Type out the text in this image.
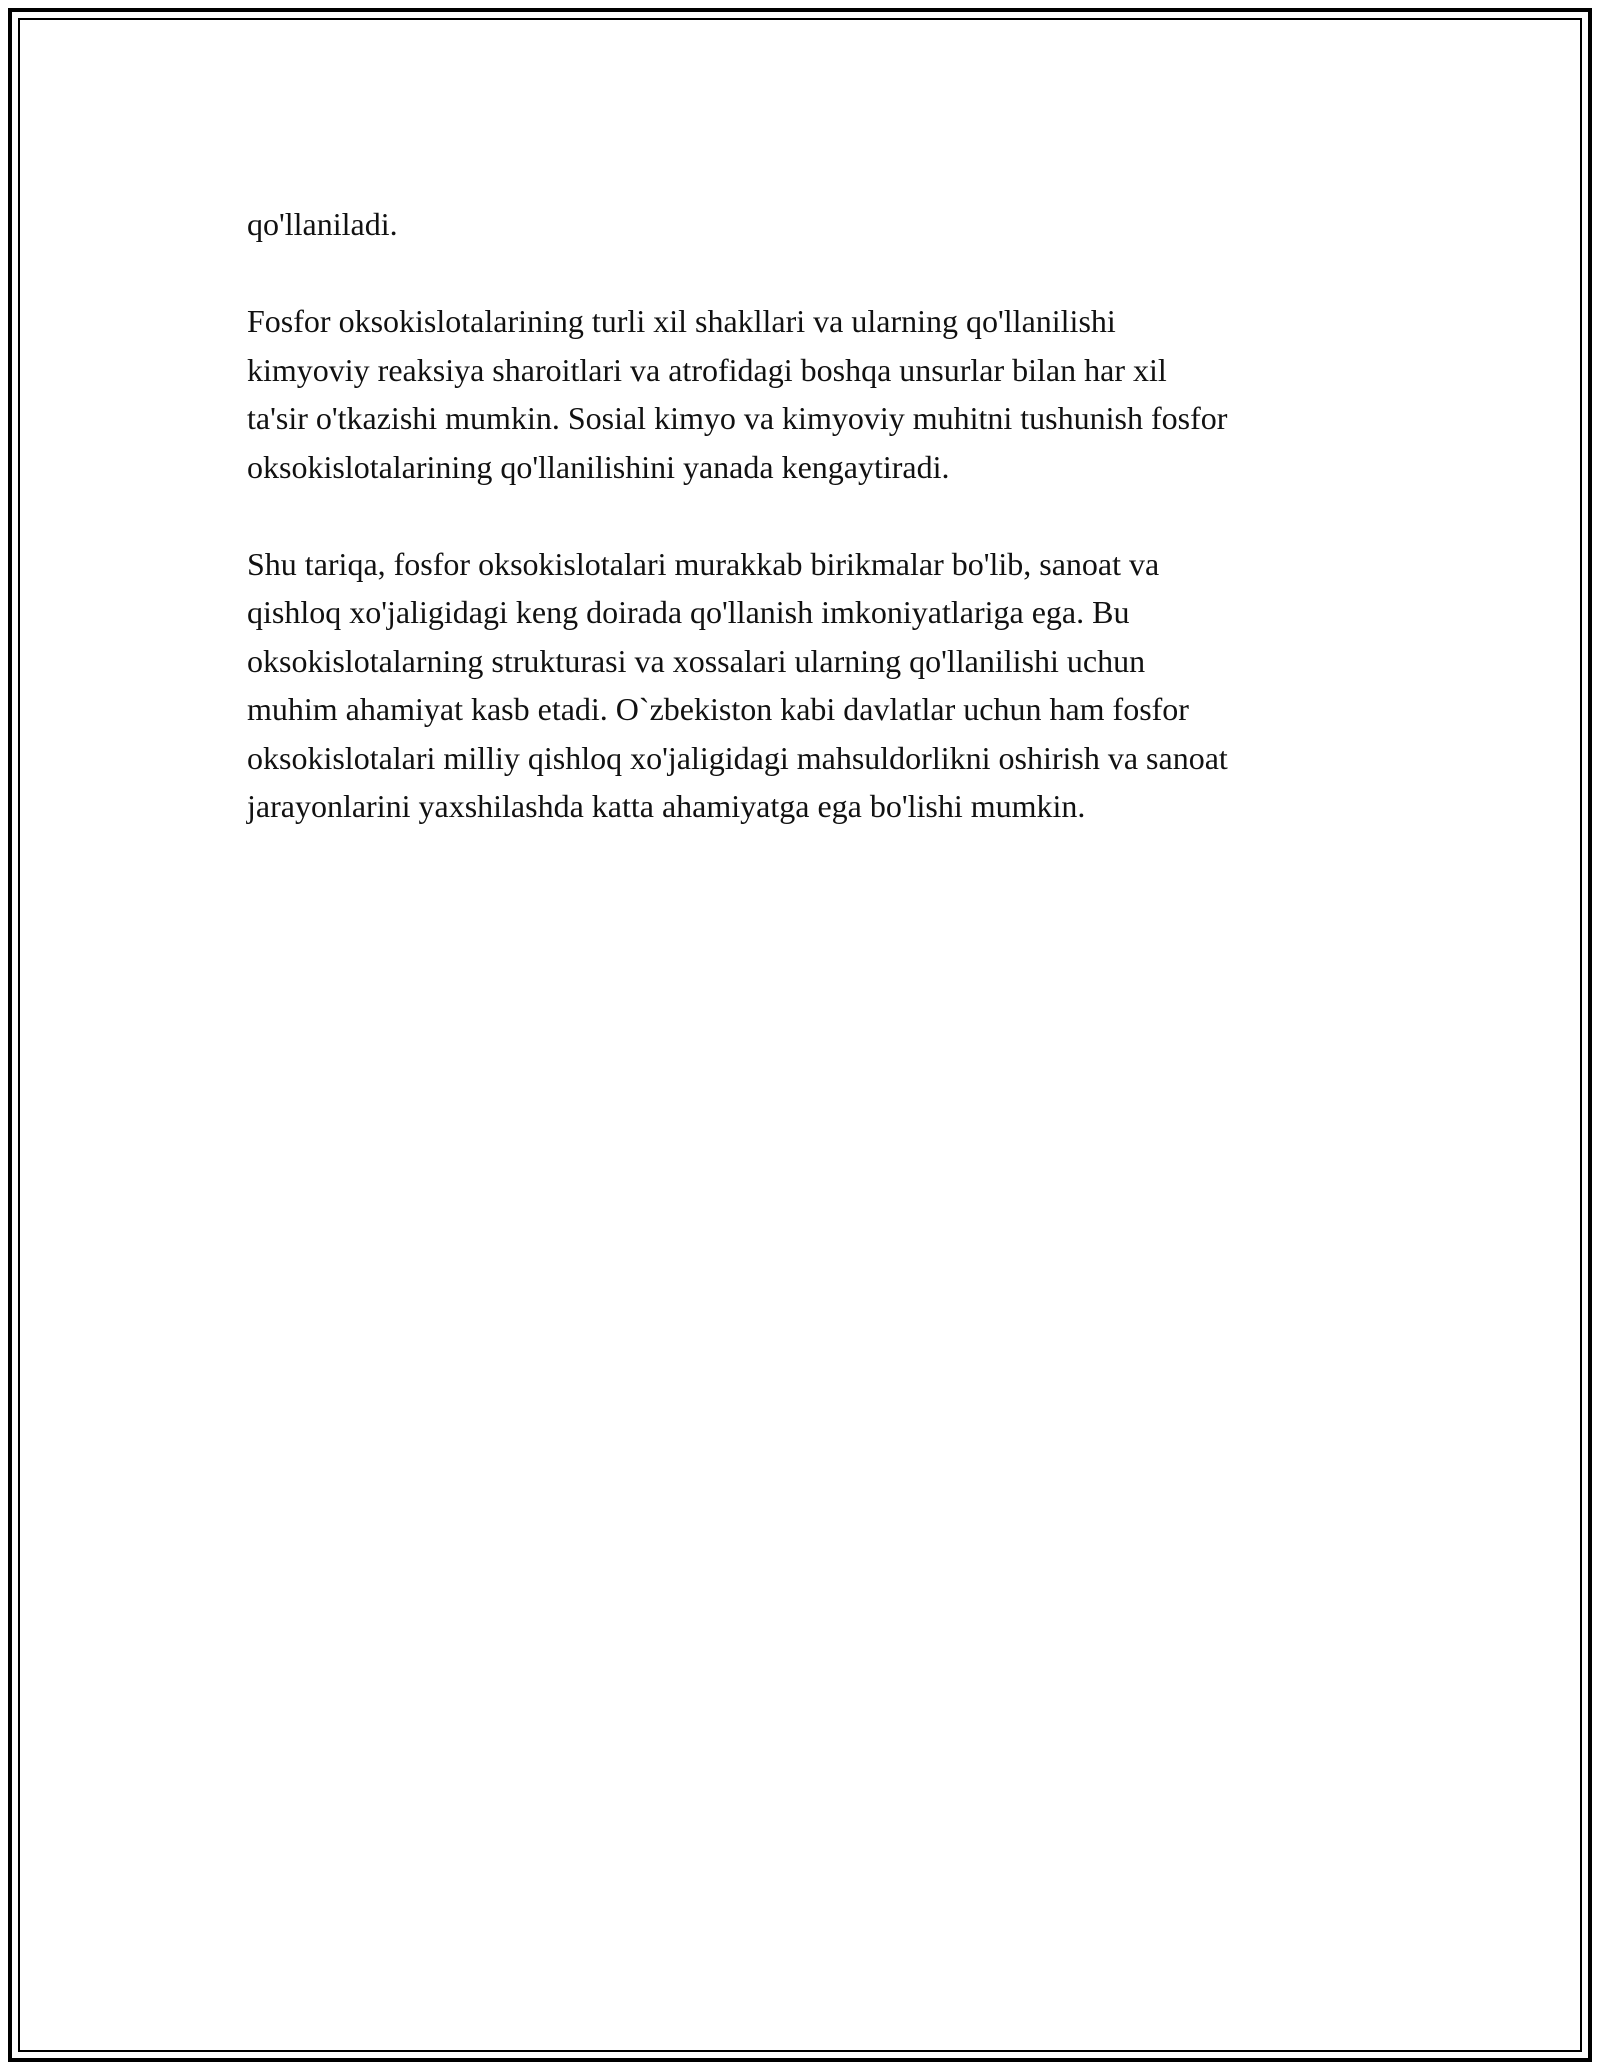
qo'llaniladi.

Fosfor oksokislotalarining turli xil shakllari va ularning qo'llanilishi
kimyoviy reaksiya sharoitlari va atrofidagi boshqa unsurlar bilan har xil
ta'sir o'tkazishi mumkin. Sosial kimyo va kimyoviy muhitni tushunish fosfor
oksokislotalarining qo'llanilishini yanada kengaytiradi.

Shu tariqa, fosfor oksokislotalari murakkab birikmalar bo'lib, sanoat va
qishloq xo'jaligidagi keng doirada qo'llanish imkoniyatlariga ega. Bu
oksokislotalarning strukturasi va xossalari ularning qo'llanilishi uchun
muhim ahamiyat kasb etadi. O`zbekiston kabi davlatlar uchun ham fosfor
oksokislotalari milliy qishloq xo'jaligidagi mahsuldorlikni oshirish va sanoat
jarayonlarini yaxshilashda katta ahamiyatga ega bo'lishi mumkin.
